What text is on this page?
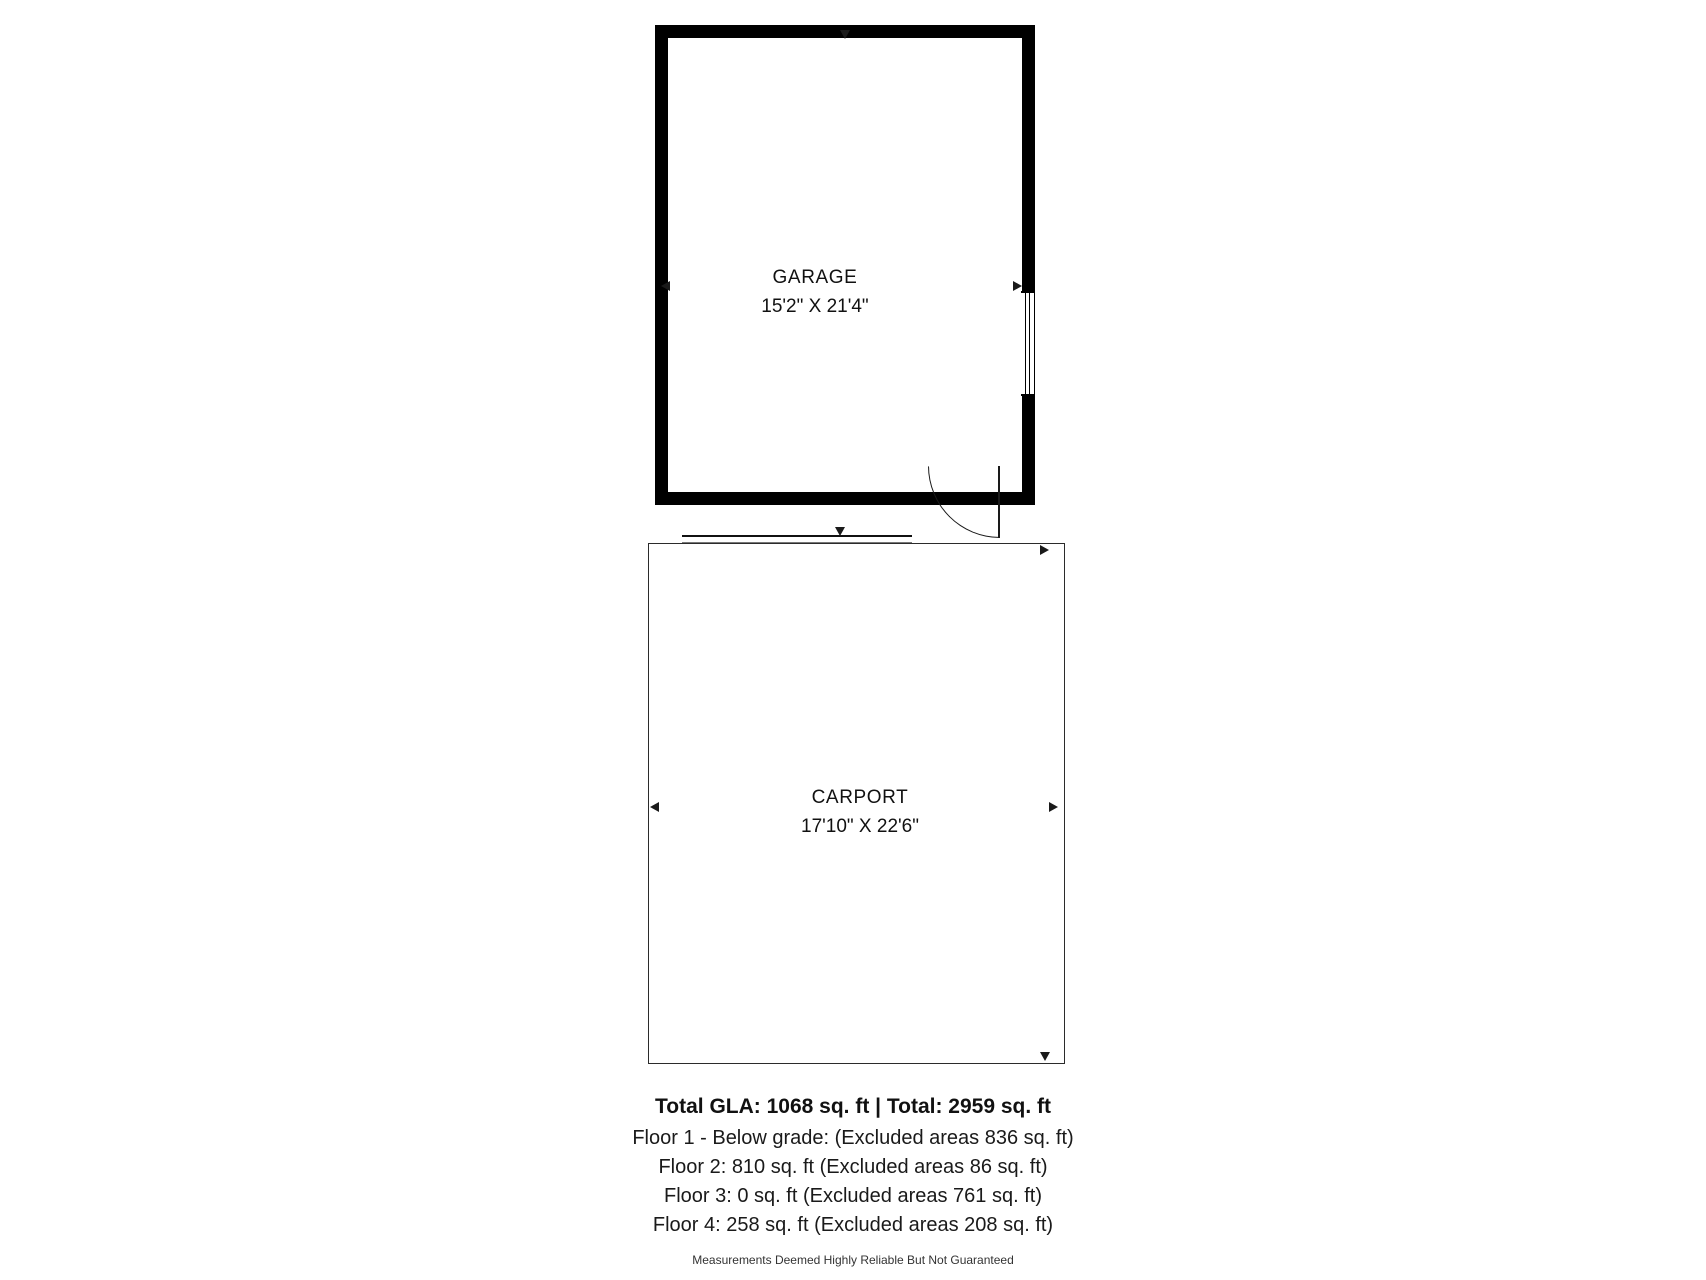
GARAGE
15'2" X 21'4"
CARPORT
17'10" X 22'6"
Total GLA: 1068 sq. ft | Total: 2959 sq. ft
Floor 1 - Below grade: (Excluded areas 836 sq. ft)
Floor 2: 810 sq. ft (Excluded areas 86 sq. ft)
Floor 3: 0 sq. ft (Excluded areas 761 sq. ft)
Floor 4: 258 sq. ft (Excluded areas 208 sq. ft)
Measurements Deemed Highly Reliable But Not Guaranteed
